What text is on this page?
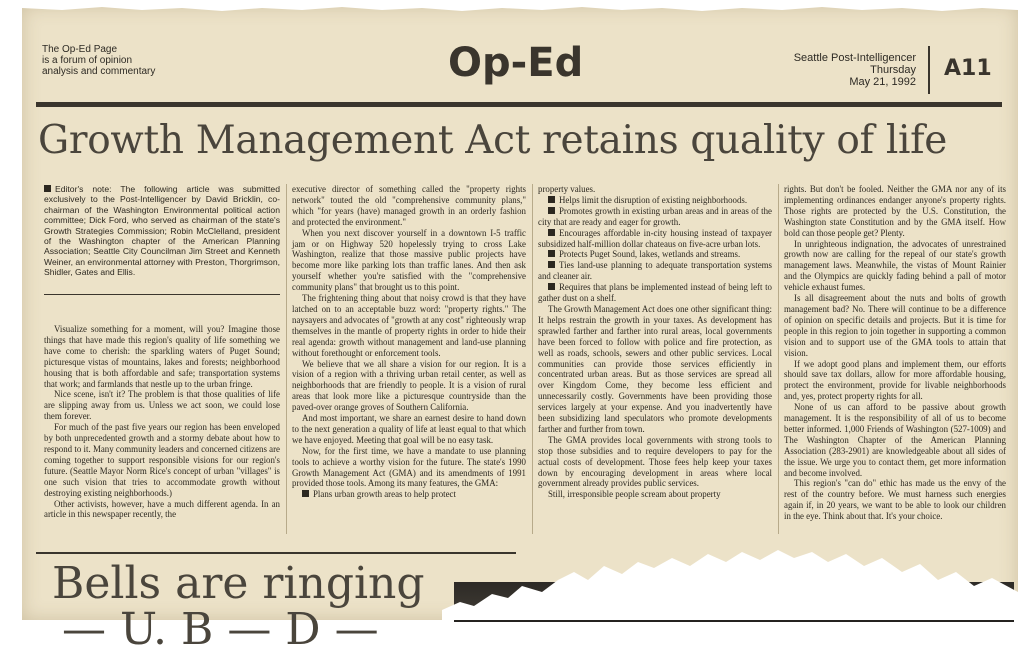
The Op-Ed Page
is a forum of opinion
analysis and commentary	Op-Ed	Seattle Post-Intelligencer
Thursday
May 21, 1992
A11
Growth Management Act retains quality of life
Editor's note: The following article was submitted exclusively to the Post-Intelligencer by David Bricklin, co-chairman of the Washington Environmental political action committee; Dick Ford, who served as chairman of the state's Growth Strategies Commission; Robin McClelland, president of the Washington chapter of the American Planning Association; Seattle City Councilman Jim Street and Kenneth Weiner, an environmental attorney with Preston, Thorgrimson, Shidler, Gates and Ellis.

Visualize something for a moment, will you? Imagine those things that have made this region's quality of life something we have come to cherish: the sparkling waters of Puget Sound; picturesque vistas of mountains, lakes and forests; neighborhood housing that is both affordable and safe; transportation systems that work; and farmlands that nestle up to the urban fringe.

Nice scene, isn't it? The problem is that those qualities of life are slipping away from us. Unless we act soon, we could lose them forever.

For much of the past five years our region has been enveloped by both unprecedented growth and a stormy debate about how to respond to it. Many community leaders and concerned citizens are coming together to support responsible visions for our region's future. (Seattle Mayor Norm Rice's concept of urban "villages" is one such vision that tries to accommodate growth without destroying existing neighborhoods.)

Other activists, however, have a much different agenda. In an article in this newspaper recently, the

executive director of something called the "property rights network" touted the old "comprehensive community plans," which "for years (have) managed growth in an orderly fashion and protected the environment."

When you next discover yourself in a downtown I-5 traffic jam or on Highway 520 hopelessly trying to cross Lake Washington, realize that those massive public projects have become more like parking lots than traffic lanes. And then ask yourself whether you're satisfied with the "comprehensive community plans" that brought us to this point.

The frightening thing about that noisy crowd is that they have latched on to an acceptable buzz word: "property rights." The naysayers and advocates of "growth at any cost" righteously wrap themselves in the mantle of property rights in order to hide their real agenda: growth without management and land-use planning without forethought or enforcement tools.

We believe that we all share a vision for our region. It is a vision of a region with a thriving urban retail center, as well as neighborhoods that are friendly to people. It is a vision of rural areas that look more like a picturesque countryside than the paved-over orange groves of Southern California.

And most important, we share an earnest desire to hand down to the next generation a quality of life at least equal to that which we have enjoyed. Meeting that goal will be no easy task.

Now, for the first time, we have a mandate to use planning tools to achieve a worthy vision for the future. The state's 1990 Growth Management Act (GMA) and its amendments of 1991 provided those tools. Among its many features, the GMA:

Plans urban growth areas to help protect

property values.

Helps limit the disruption of existing neighborhoods.

Promotes growth in existing urban areas and in areas of the city that are ready and eager for growth.

Encourages affordable in-city housing instead of taxpayer subsidized half-million dollar chateaus on five-acre urban lots.

Protects Puget Sound, lakes, wetlands and streams.

Ties land-use planning to adequate transportation systems and cleaner air.

Requires that plans be implemented instead of being left to gather dust on a shelf.

The Growth Management Act does one other significant thing: It helps restrain the growth in your taxes. As development has sprawled farther and farther into rural areas, local governments have been forced to follow with police and fire protection, as well as roads, schools, sewers and other public services. Local communities can provide those services efficiently in concentrated urban areas. But as those services are spread all over Kingdom Come, they become less efficient and unnecessarily costly. Governments have been providing those services largely at your expense. And you inadvertently have been subsidizing land speculators who promote developments farther and further from town.

The GMA provides local governments with strong tools to stop those subsidies and to require developers to pay for the actual costs of development. Those fees help keep your taxes down by encouraging development in areas where local government already provides public services.

Still, irresponsible people scream about property

rights. But don't be fooled. Neither the GMA nor any of its implementing ordinances endanger anyone's property rights. Those rights are protected by the U.S. Constitution, the Washington state Constitution and by the GMA itself. How bold can those people get? Plenty.

In unrighteous indignation, the advocates of unrestrained growth now are calling for the repeal of our state's growth management laws. Meanwhile, the vistas of Mount Rainier and the Olympics are quickly fading behind a pall of motor vehicle exhaust fumes.

Is all disagreement about the nuts and bolts of growth management bad? No. There will continue to be a difference of opinion on specific details and projects. But it is time for people in this region to join together in supporting a common vision and to support use of the GMA tools to attain that vision.

If we adopt good plans and implement them, our efforts should save tax dollars, allow for more affordable housing, protect the environment, provide for livable neighborhoods and, yes, protect property rights for all.

None of us can afford to be passive about growth management. It is the responsibility of all of us to become better informed. 1,000 Friends of Washington (527-1009) and The Washington Chapter of the American Planning Association (283-2901) are knowledgeable about all sides of the issue. We urge you to contact them, get more information and become involved.

This region's "can do" ethic has made us the envy of the rest of the country before. We must harness such energies again if, in 20 years, we want to be able to look our children in the eye. Think about that. It's your choice.

Bells are ringing
— U. B — D —
